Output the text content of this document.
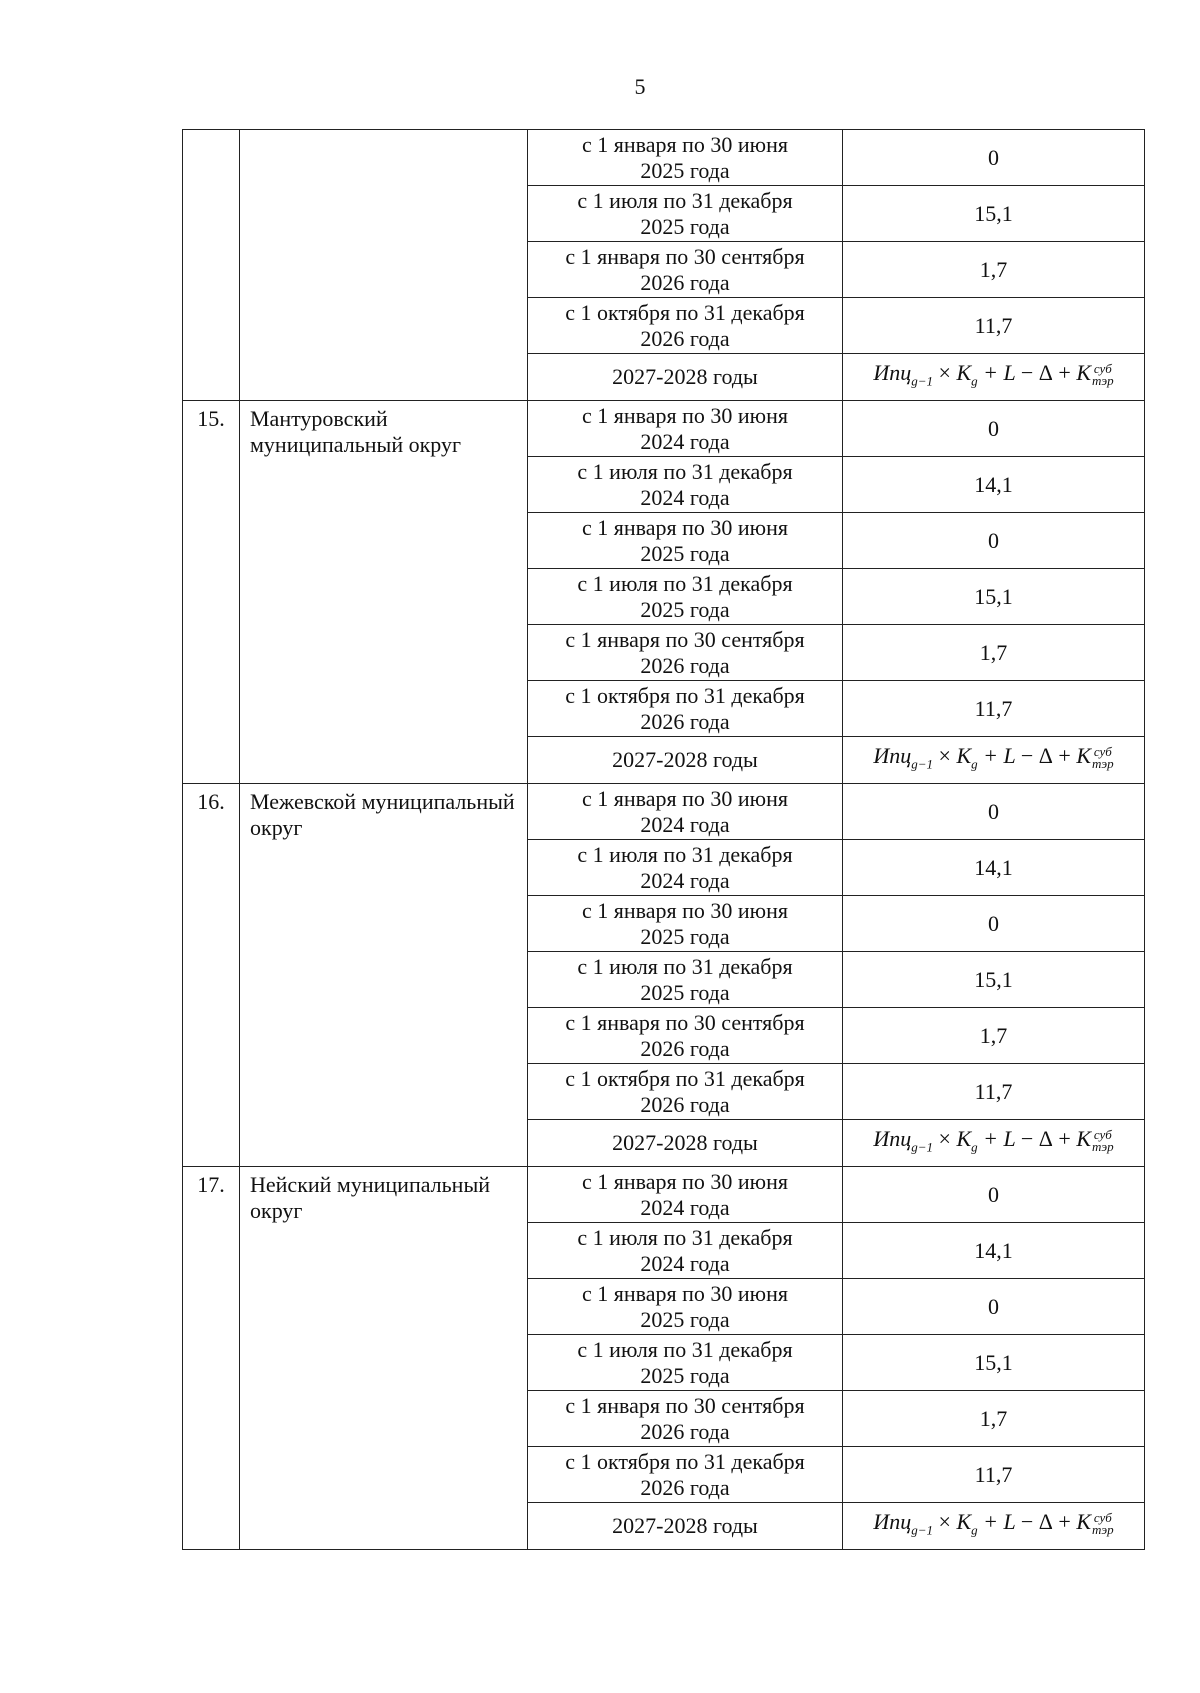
5
		с 1 января по 30 июня
2025 года	0
		с 1 июля по 31 декабря
2025 года	15,1
		с 1 января по 30 сентября
2026 года	1,7
		с 1 октября по 31 декабря
2026 года	11,7
		2027-2028 годы	$Ипц_{g-1} \times K_g + L - \Delta + K$ суб
тэр

15.	Мантуровский муниципальный округ	с 1 января по 30 июня
2024 года	0
		с 1 июля по 31 декабря
2024 года	14,1
		с 1 января по 30 июня
2025 года	0
		с 1 июля по 31 декабря
2025 года	15,1
		с 1 января по 30 сентября
2026 года	1,7
		с 1 октября по 31 декабря
2026 года	11,7
		2027-2028 годы	$Ипц_{g-1} \times K_g + L - \Delta + K$ суб
тэр

16.	Межевской муниципальный округ	с 1 января по 30 июня
2024 года	0
		с 1 июля по 31 декабря
2024 года	14,1
		с 1 января по 30 июня
2025 года	0
		с 1 июля по 31 декабря
2025 года	15,1
		с 1 января по 30 сентября
2026 года	1,7
		с 1 октября по 31 декабря
2026 года	11,7
		2027-2028 годы	$Ипц_{g-1} \times K_g + L - \Delta + K$ суб
тэр

17.	Нейский муниципальный округ	с 1 января по 30 июня
2024 года	0
		с 1 июля по 31 декабря
2024 года	14,1
		с 1 января по 30 июня
2025 года	0
		с 1 июля по 31 декабря
2025 года	15,1
		с 1 января по 30 сентября
2026 года	1,7
		с 1 октября по 31 декабря
2026 года	11,7
		2027-2028 годы	$Ипц_{g-1} \times K_g + L - \Delta + K$ суб
тэр
